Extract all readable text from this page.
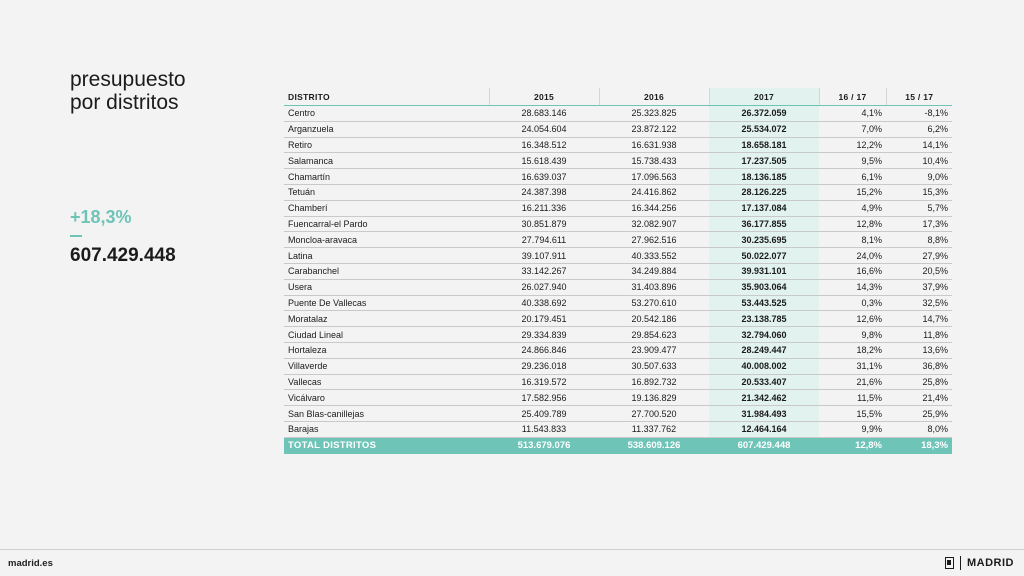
presupuesto
por distritos
+18,3%
607.429.448
DISTRITO	2015	2016	2017	16 / 17	15 / 17
Centro	28.683.146	25.323.825	26.372.059	4,1%	-8,1%
Arganzuela	24.054.604	23.872.122	25.534.072	7,0%	6,2%
Retiro	16.348.512	16.631.938	18.658.181	12,2%	14,1%
Salamanca	15.618.439	15.738.433	17.237.505	9,5%	10,4%
Chamartín	16.639.037	17.096.563	18.136.185	6,1%	9,0%
Tetuán	24.387.398	24.416.862	28.126.225	15,2%	15,3%
Chamberí	16.211.336	16.344.256	17.137.084	4,9%	5,7%
Fuencarral-el Pardo	30.851.879	32.082.907	36.177.855	12,8%	17,3%
Moncloa-aravaca	27.794.611	27.962.516	30.235.695	8,1%	8,8%
Latina	39.107.911	40.333.552	50.022.077	24,0%	27,9%
Carabanchel	33.142.267	34.249.884	39.931.101	16,6%	20,5%
Usera	26.027.940	31.403.896	35.903.064	14,3%	37,9%
Puente De Vallecas	40.338.692	53.270.610	53.443.525	0,3%	32,5%
Moratalaz	20.179.451	20.542.186	23.138.785	12,6%	14,7%
Ciudad Lineal	29.334.839	29.854.623	32.794.060	9,8%	11,8%
Hortaleza	24.866.846	23.909.477	28.249.447	18,2%	13,6%
Villaverde	29.236.018	30.507.633	40.008.002	31,1%	36,8%
Vallecas	16.319.572	16.892.732	20.533.407	21,6%	25,8%
Vicálvaro	17.582.956	19.136.829	21.342.462	11,5%	21,4%
San Blas-canillejas	25.409.789	27.700.520	31.984.493	15,5%	25,9%
Barajas	11.543.833	11.337.762	12.464.164	9,9%	8,0%
TOTAL DISTRITOS	513.679.076	538.609.126	607.429.448	12,8%	18,3%
madrid.es	MADRID
